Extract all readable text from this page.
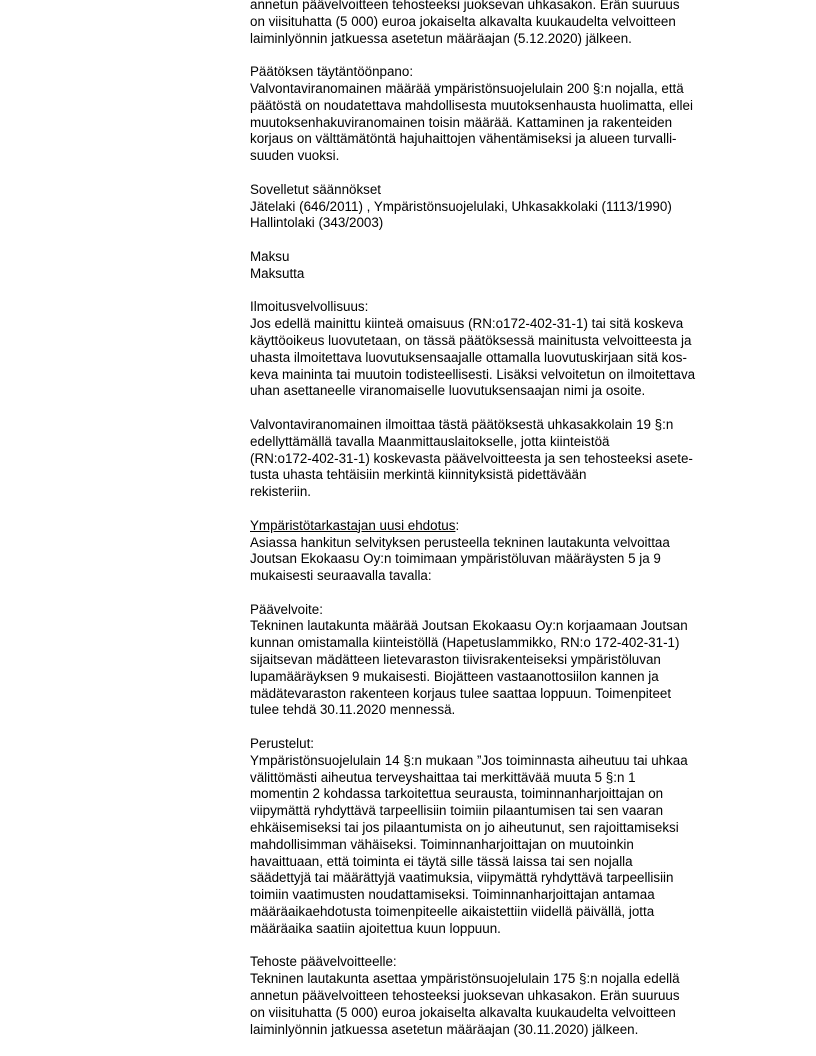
annetun päävelvoitteen tehosteeksi juoksevan uhkasakon. Erän suuruus
on viisituhatta (5 000) euroa jokaiselta alkavalta kuukaudelta velvoitteen
laiminlyönnin jatkuessa asetetun määräajan (5.12.2020) jälkeen.
Päätöksen täytäntöönpano:
Valvontaviranomainen määrää ympäristönsuojelulain 200 §:n nojalla, että
päätöstä on noudatettava mahdollisesta muutoksenhausta huolimatta, ellei
muutoksenhakuviranomainen toisin määrää. Kattaminen ja rakenteiden
korjaus on välttämätöntä hajuhaittojen vähentämiseksi ja alueen turvalli-
suuden vuoksi.
Sovelletut säännökset
Jätelaki (646/2011) , Ympäristönsuojelulaki, Uhkasakkolaki (1113/1990)
Hallintolaki (343/2003)
Maksu
Maksutta
Ilmoitusvelvollisuus:
Jos edellä mainittu kiinteä omaisuus (RN:o172-402-31-1) tai sitä koskeva
käyttöoikeus luovutetaan, on tässä päätöksessä mainitusta velvoitteesta ja
uhasta ilmoitettava luovutuksensaajalle ottamalla luovutuskirjaan sitä kos-
keva maininta tai muutoin todisteellisesti. Lisäksi velvoitetun on ilmoitettava
uhan asettaneelle viranomaiselle luovutuksensaajan nimi ja osoite.
Valvontaviranomainen ilmoittaa tästä päätöksestä uhkasakkolain 19 §:n
edellyttämällä tavalla Maanmittauslaitokselle, jotta kiinteistöä
(RN:o172-402-31-1) koskevasta päävelvoitteesta ja sen tehosteeksi asete-
tusta uhasta tehtäisiin merkintä kiinnityksistä pidettävään
rekisteriin.
Ympäristötarkastajan uusi ehdotus:
Asiassa hankitun selvityksen perusteella tekninen lautakunta velvoittaa
Joutsan Ekokaasu Oy:n toimimaan ympäristöluvan määräysten 5 ja 9
mukaisesti seuraavalla tavalla:
Päävelvoite:
Tekninen lautakunta määrää Joutsan Ekokaasu Oy:n korjaamaan Joutsan
kunnan omistamalla kiinteistöllä (Hapetuslammikko, RN:o 172-402-31-1)
sijaitsevan mädätteen lietevaraston tiivisrakenteiseksi ympäristöluvan
lupamääräyksen 9 mukaisesti. Biojätteen vastaanottosiilon kannen ja
mädätevaraston rakenteen korjaus tulee saattaa loppuun. Toimenpiteet
tulee tehdä 30.11.2020 mennessä.
Perustelut:
Ympäristönsuojelulain 14 §:n mukaan ”Jos toiminnasta aiheutuu tai uhkaa
välittömästi aiheutua terveyshaittaa tai merkittävää muuta 5 §:n 1
momentin 2 kohdassa tarkoitettua seurausta, toiminnanharjoittajan on
viipymättä ryhdyttävä tarpeellisiin toimiin pilaantumisen tai sen vaaran
ehkäisemiseksi tai jos pilaantumista on jo aiheutunut, sen rajoittamiseksi
mahdollisimman vähäiseksi. Toiminnanharjoittajan on muutoinkin
havaittuaan, että toiminta ei täytä sille tässä laissa tai sen nojalla
säädettyjä tai määrättyjä vaatimuksia, viipymättä ryhdyttävä tarpeellisiin
toimiin vaatimusten noudattamiseksi. Toiminnanharjoittajan antamaa
määräaikaehdotusta toimenpiteelle aikaistettiin viidellä päivällä, jotta
määräaika saatiin ajoitettua kuun loppuun.
Tehoste päävelvoitteelle:
Tekninen lautakunta asettaa ympäristönsuojelulain 175 §:n nojalla edellä
annetun päävelvoitteen tehosteeksi juoksevan uhkasakon. Erän suuruus
on viisituhatta (5 000) euroa jokaiselta alkavalta kuukaudelta velvoitteen
laiminlyönnin jatkuessa asetetun määräajan (30.11.2020) jälkeen.
